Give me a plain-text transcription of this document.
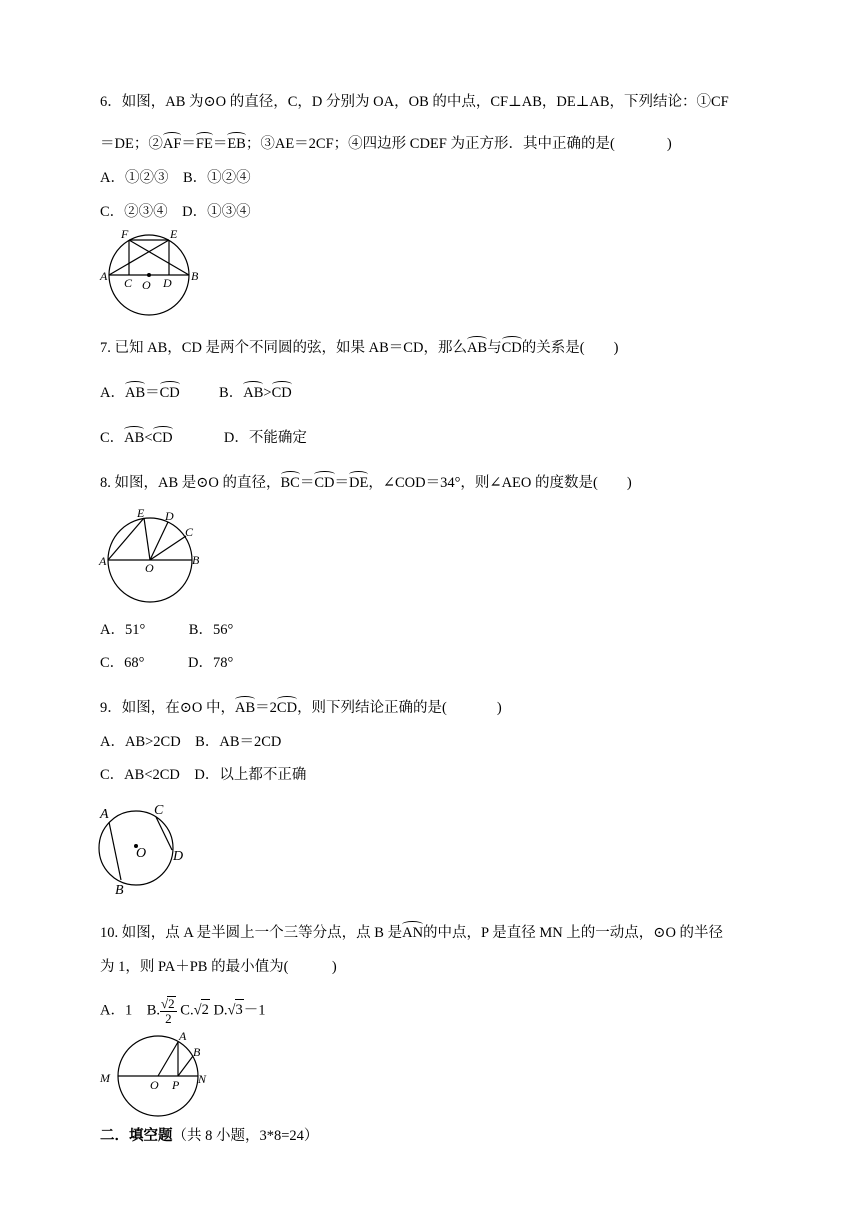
6．如图，AB 为⊙O 的直径，C，D 分别为 OA，OB 的中点，CF⊥AB，DE⊥AB，下列结论：①CF
＝DE；②AF＝FE＝EB；③AE＝2CF；④四边形 CDEF 为正方形．其中正确的是(	)
A．①②③　B．①②④
C．②③④　D．①③④
F	E
A C O D B
7. 已知 AB，CD 是两个不同圆的弦，如果 AB＝CD，那么AB与CD的关系是(　　)
A．AB＝CD	B．AB>CD
C．AB<CD	D．不能确定
8. 如图，AB 是⊙O 的直径，BC＝CD＝DE，∠COD＝34°，则∠AEO 的度数是(　　)
E D
C
A	O
B
A．51°　　　B．56°
C．68°　　　D．78°
9．如图，在⊙O 中，AB＝2CD，则下列结论正确的是(	)
A．AB>2CD　B．AB＝2CD
C．AB<2CD　D．以上都不正确
A	C
O D
B
10. 如图，点 A 是半圆上一个三等分点，点 B 是AN的中点，P 是直径 MN 上的一动点，⊙O 的半径
为 1，则 PA＋PB 的最小值为(　　　)
A．1　B. $\frac{√2}{2} C.√2$ D.√3－1
M	O P N
A
B
二．填空题（共 8 小题，3*8=24）
